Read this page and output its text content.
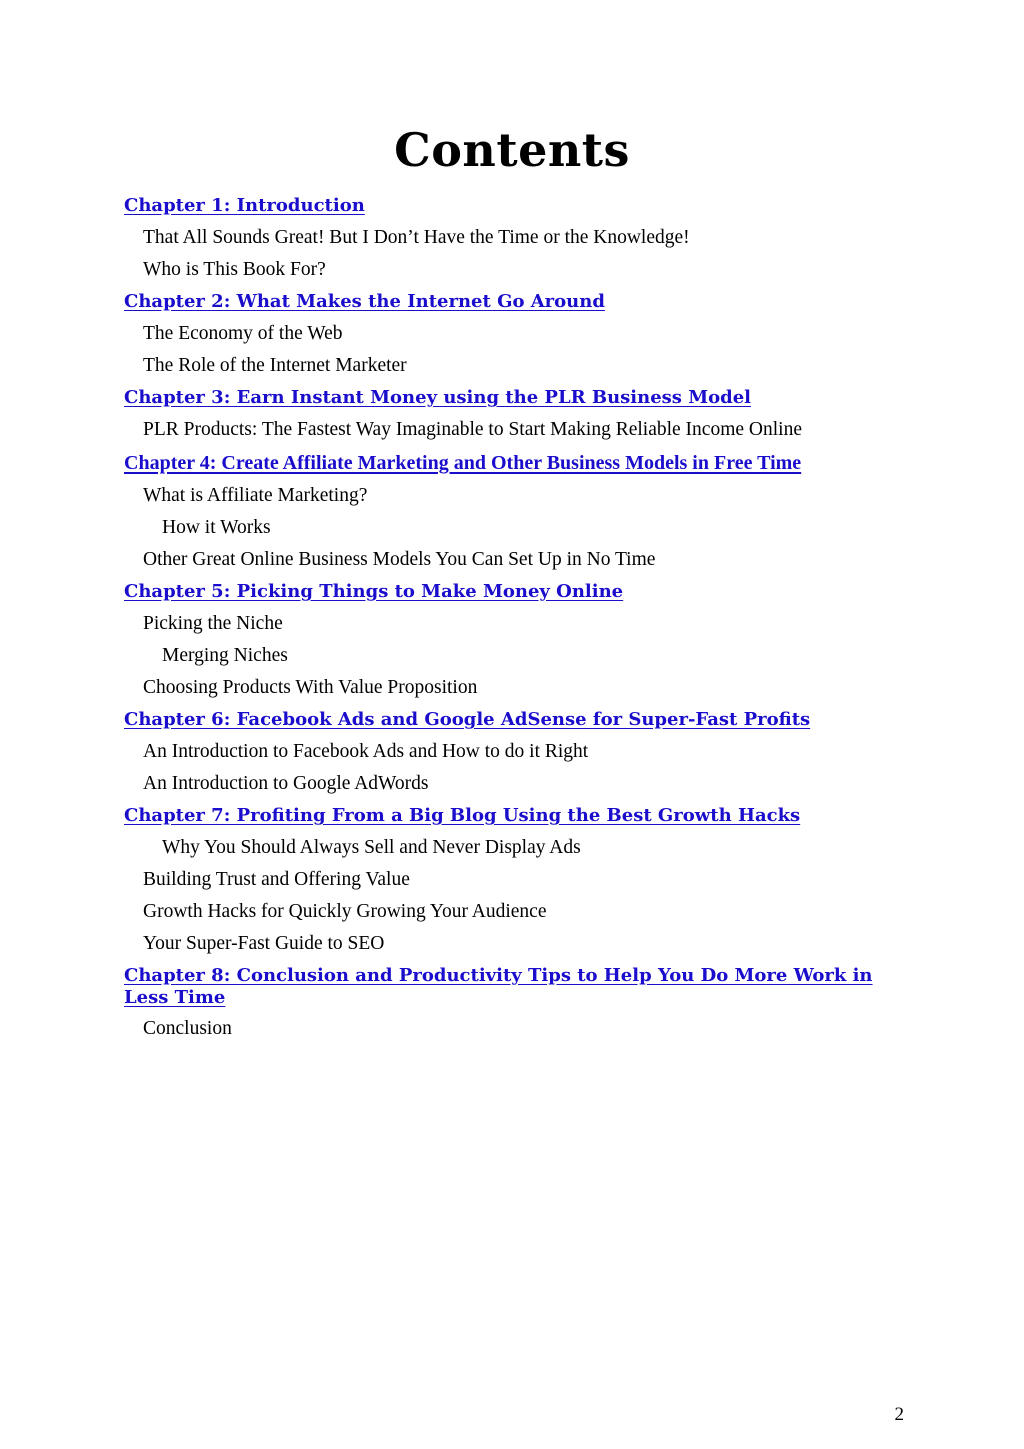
Contents
Chapter 1: Introduction
That All Sounds Great! But I Don’t Have the Time or the Knowledge!
Who is This Book For?
Chapter 2: What Makes the Internet Go Around
The Economy of the Web
The Role of the Internet Marketer
Chapter 3: Earn Instant Money using the PLR Business Model
PLR Products: The Fastest Way Imaginable to Start Making Reliable Income Online
Chapter 4: Create Affiliate Marketing and Other Business Models in Free Time
What is Affiliate Marketing?
How it Works
Other Great Online Business Models You Can Set Up in No Time
Chapter 5: Picking Things to Make Money Online
Picking the Niche
Merging Niches
Choosing Products With Value Proposition
Chapter 6: Facebook Ads and Google AdSense for Super-Fast Profits
An Introduction to Facebook Ads and How to do it Right
An Introduction to Google AdWords
Chapter 7: Profiting From a Big Blog Using the Best Growth Hacks
Why You Should Always Sell and Never Display Ads
Building Trust and Offering Value
Growth Hacks for Quickly Growing Your Audience
Your Super-Fast Guide to SEO
Chapter 8: Conclusion and Productivity Tips to Help You Do More Work in Less Time
Conclusion
2
